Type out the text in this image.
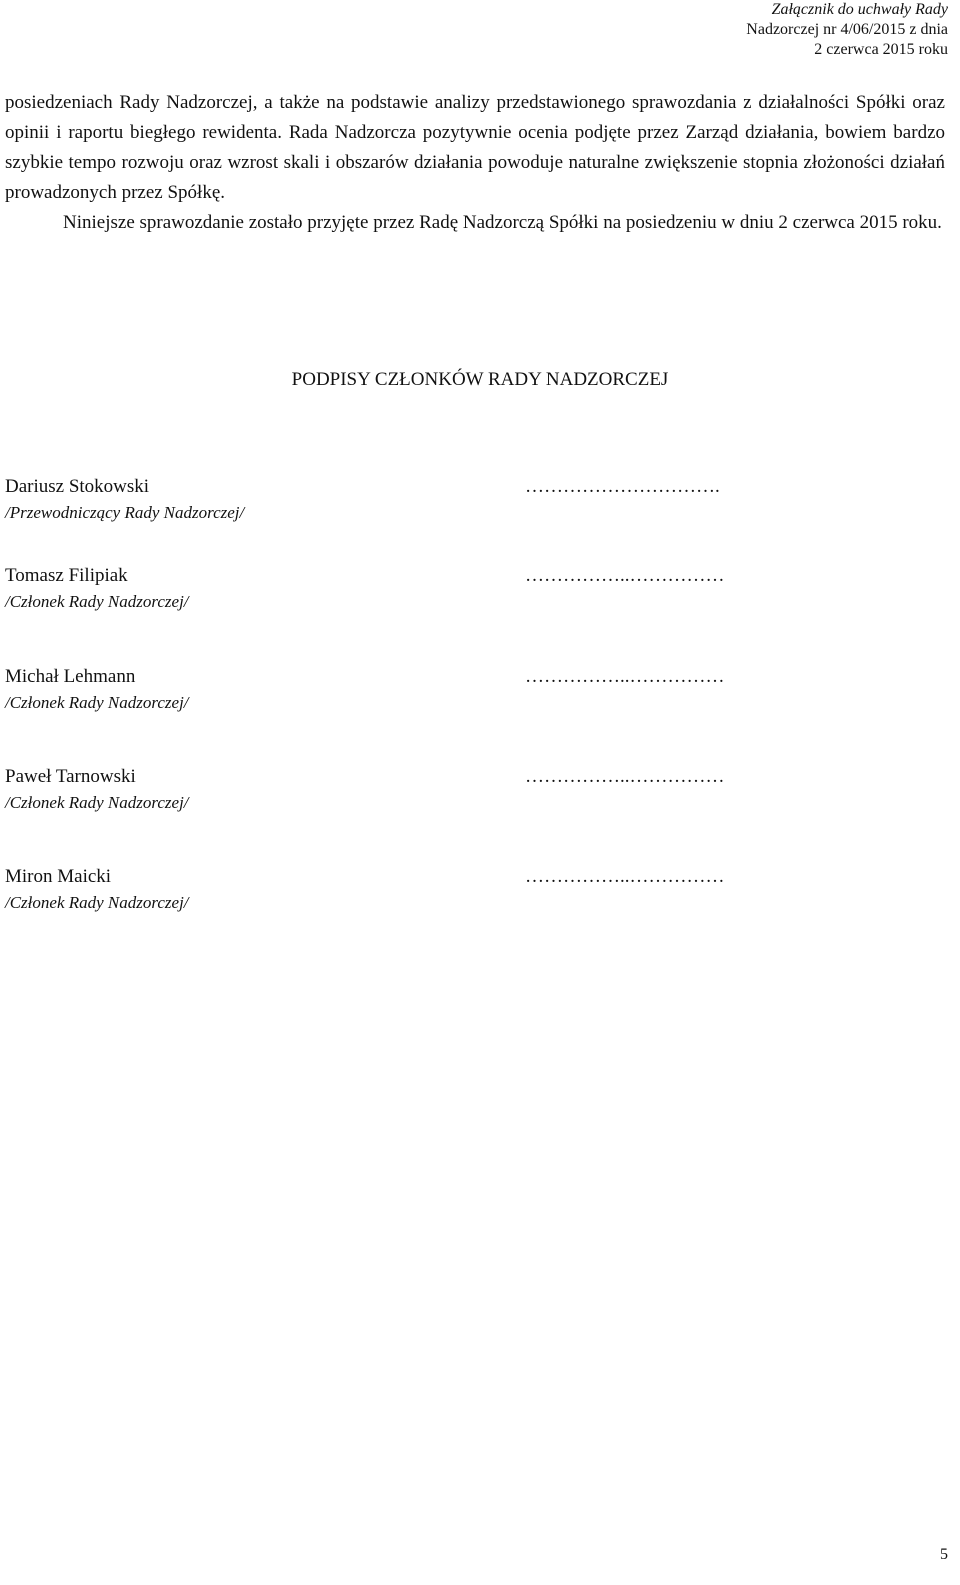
Załącznik do uchwały Rady
Nadzorczej nr 4/06/2015 z dnia
2 czerwca 2015 roku

posiedzeniach Rady Nadzorczej, a także na podstawie analizy przedstawionego sprawozdania z działalności Spółki oraz opinii i raportu biegłego rewidenta. Rada Nadzorcza pozytywnie ocenia podjęte przez Zarząd działania, bowiem bardzo szybkie tempo rozwoju oraz wzrost skali i obszarów działania powoduje naturalne zwiększenie stopnia złożoności działań prowadzonych przez Spółkę.

Niniejsze sprawozdanie zostało przyjęte przez Radę Nadzorczą Spółki na posiedzeniu w dniu 2 czerwca 2015 roku.

PODPISY CZŁONKÓW RADY NADZORCZEJ
Dariusz Stokowski
/Przewodniczący Rady Nadzorczej/
………………………….
Tomasz Filipiak
/Członek Rady Nadzorczej/
……………..……………
Michał Lehmann
/Członek Rady Nadzorczej/
……………..……………
Paweł Tarnowski
/Członek Rady Nadzorczej/
……………..……………
Miron Maicki
/Członek Rady Nadzorczej/
……………..……………
5
